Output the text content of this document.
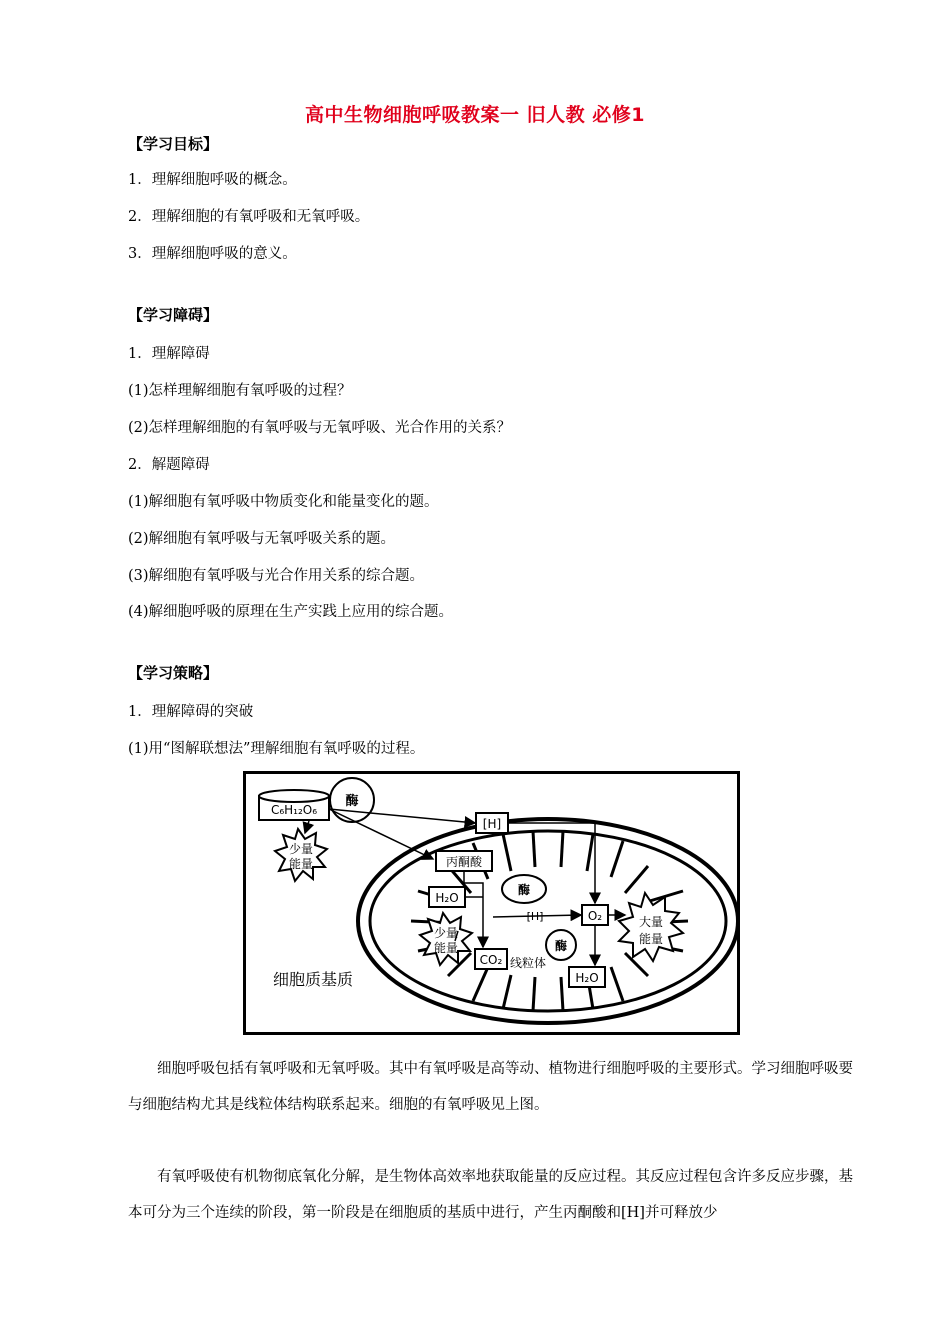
高中生物细胞呼吸教案一 旧人教 必修1
【学习目标】
1．理解细胞呼吸的概念。
2．理解细胞的有氧呼吸和无氧呼吸。
3．理解细胞呼吸的意义。
【学习障碍】
1．理解障碍
(1)怎样理解细胞有氧呼吸的过程？
(2)怎样理解细胞的有氧呼吸与无氧呼吸、光合作用的关系？
2．解题障碍
(1)解细胞有氧呼吸中物质变化和能量变化的题。
(2)解细胞有氧呼吸与无氧呼吸关系的题。
(3)解细胞有氧呼吸与光合作用关系的综合题。
(4)解细胞呼吸的原理在生产实践上应用的综合题。
【学习策略】
1．理解障碍的突破
(1)用“图解联想法”理解细胞有氧呼吸的过程。
C₆H₁₂O₆
酶
酶
酶
少量
能量
少量
能量
大量
能量
[H]
丙酮酸
H₂O
O₂
CO₂
H₂O
[H]
线粒体
细胞质基质
细胞呼吸包括有氧呼吸和无氧呼吸。其中有氧呼吸是高等动、植物进行细胞呼吸的主要形式。学习细胞呼吸要与细胞结构尤其是线粒体结构联系起来。细胞的有氧呼吸见上图。
有氧呼吸使有机物彻底氧化分解，是生物体高效率地获取能量的反应过程。其反应过程包含许多反应步骤，基本可分为三个连续的阶段，第一阶段是在细胞质的基质中进行，产生丙酮酸和[H]并可释放少
